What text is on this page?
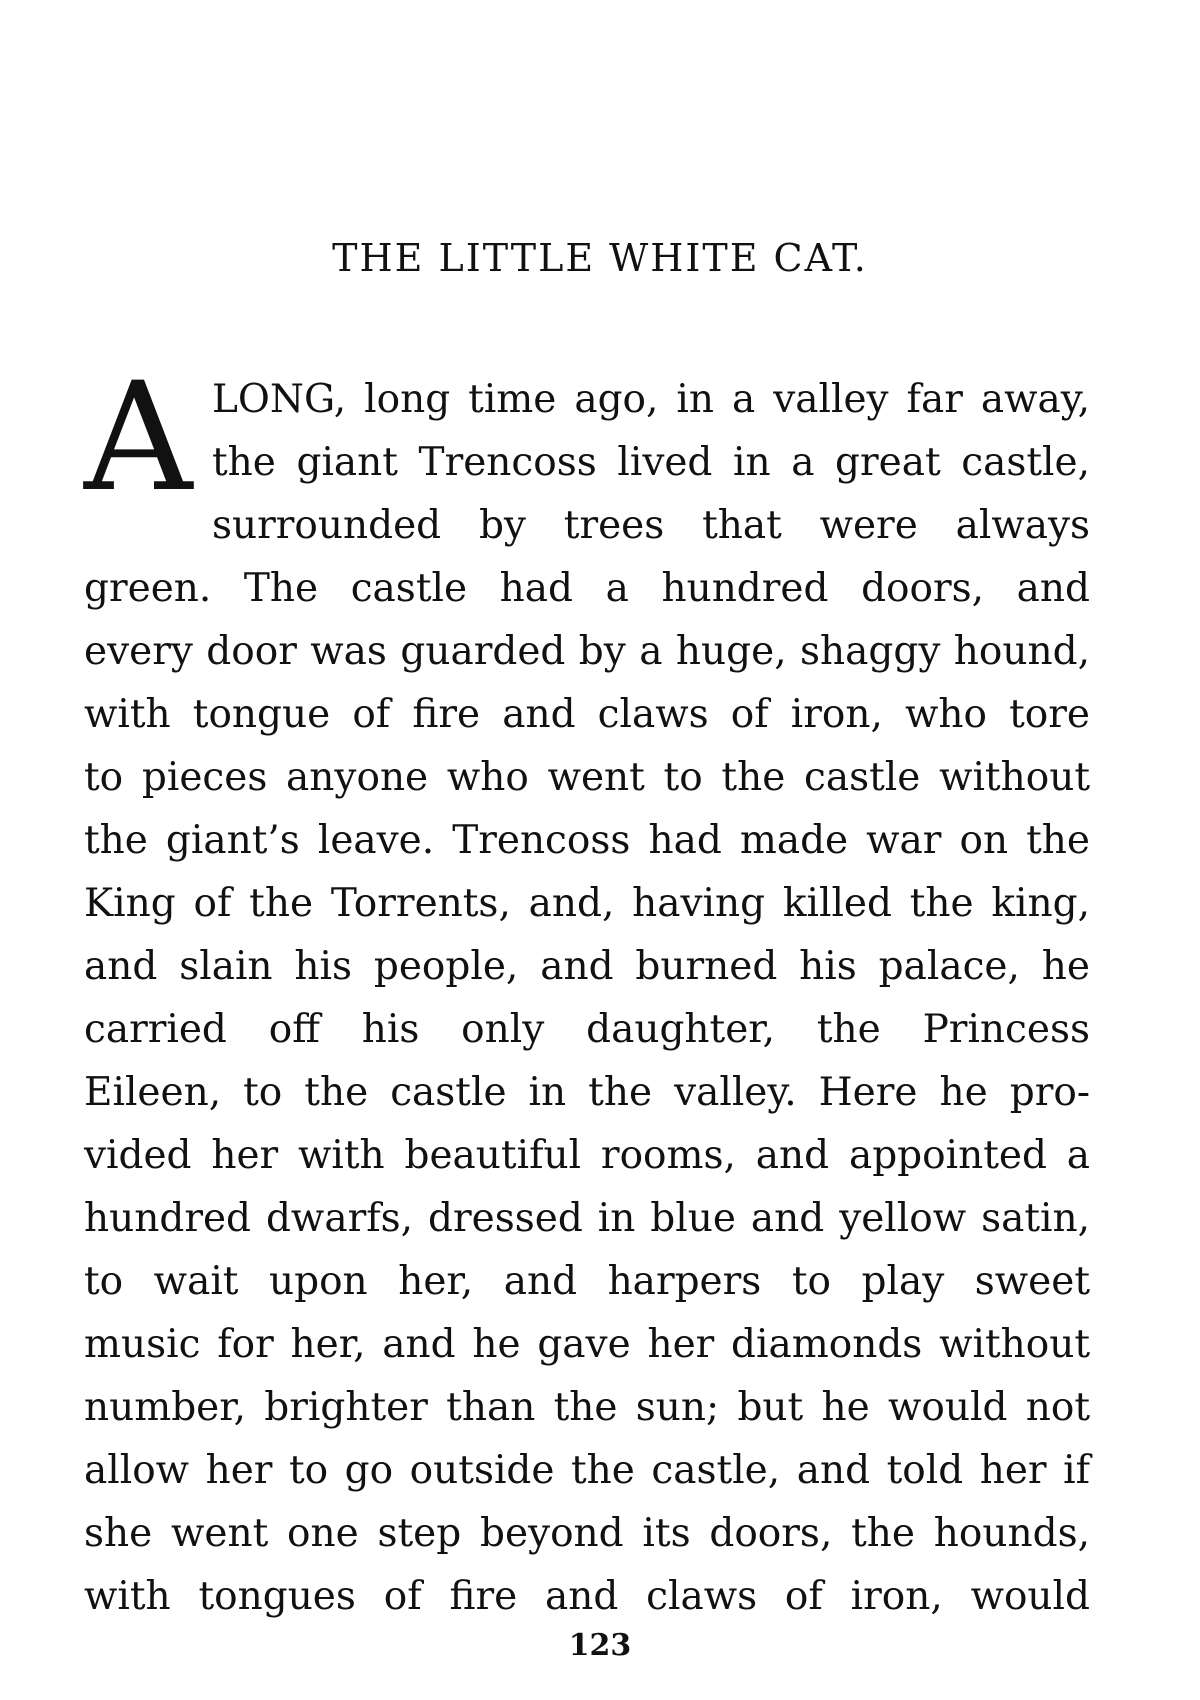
THE LITTLE WHITE CAT.
A LONG, long time ago, in a valley far away,
the giant Trencoss lived in a great castle,
surrounded by trees that were always
green. The castle had a hundred doors, and
every door was guarded by a huge, shaggy hound,
with tongue of fire and claws of iron, who tore
to pieces anyone who went to the castle without
the giant’s leave. Trencoss had made war on the
King of the Torrents, and, having killed the king,
and slain his people, and burned his palace, he
carried off his only daughter, the Princess
Eileen, to the castle in the valley. Here he pro-
vided her with beautiful rooms, and appointed a
hundred dwarfs, dressed in blue and yellow satin,
to wait upon her, and harpers to play sweet
music for her, and he gave her diamonds without
number, brighter than the sun; but he would not
allow her to go outside the castle, and told her if
she went one step beyond its doors, the hounds,
with tongues of fire and claws of iron, would
123
